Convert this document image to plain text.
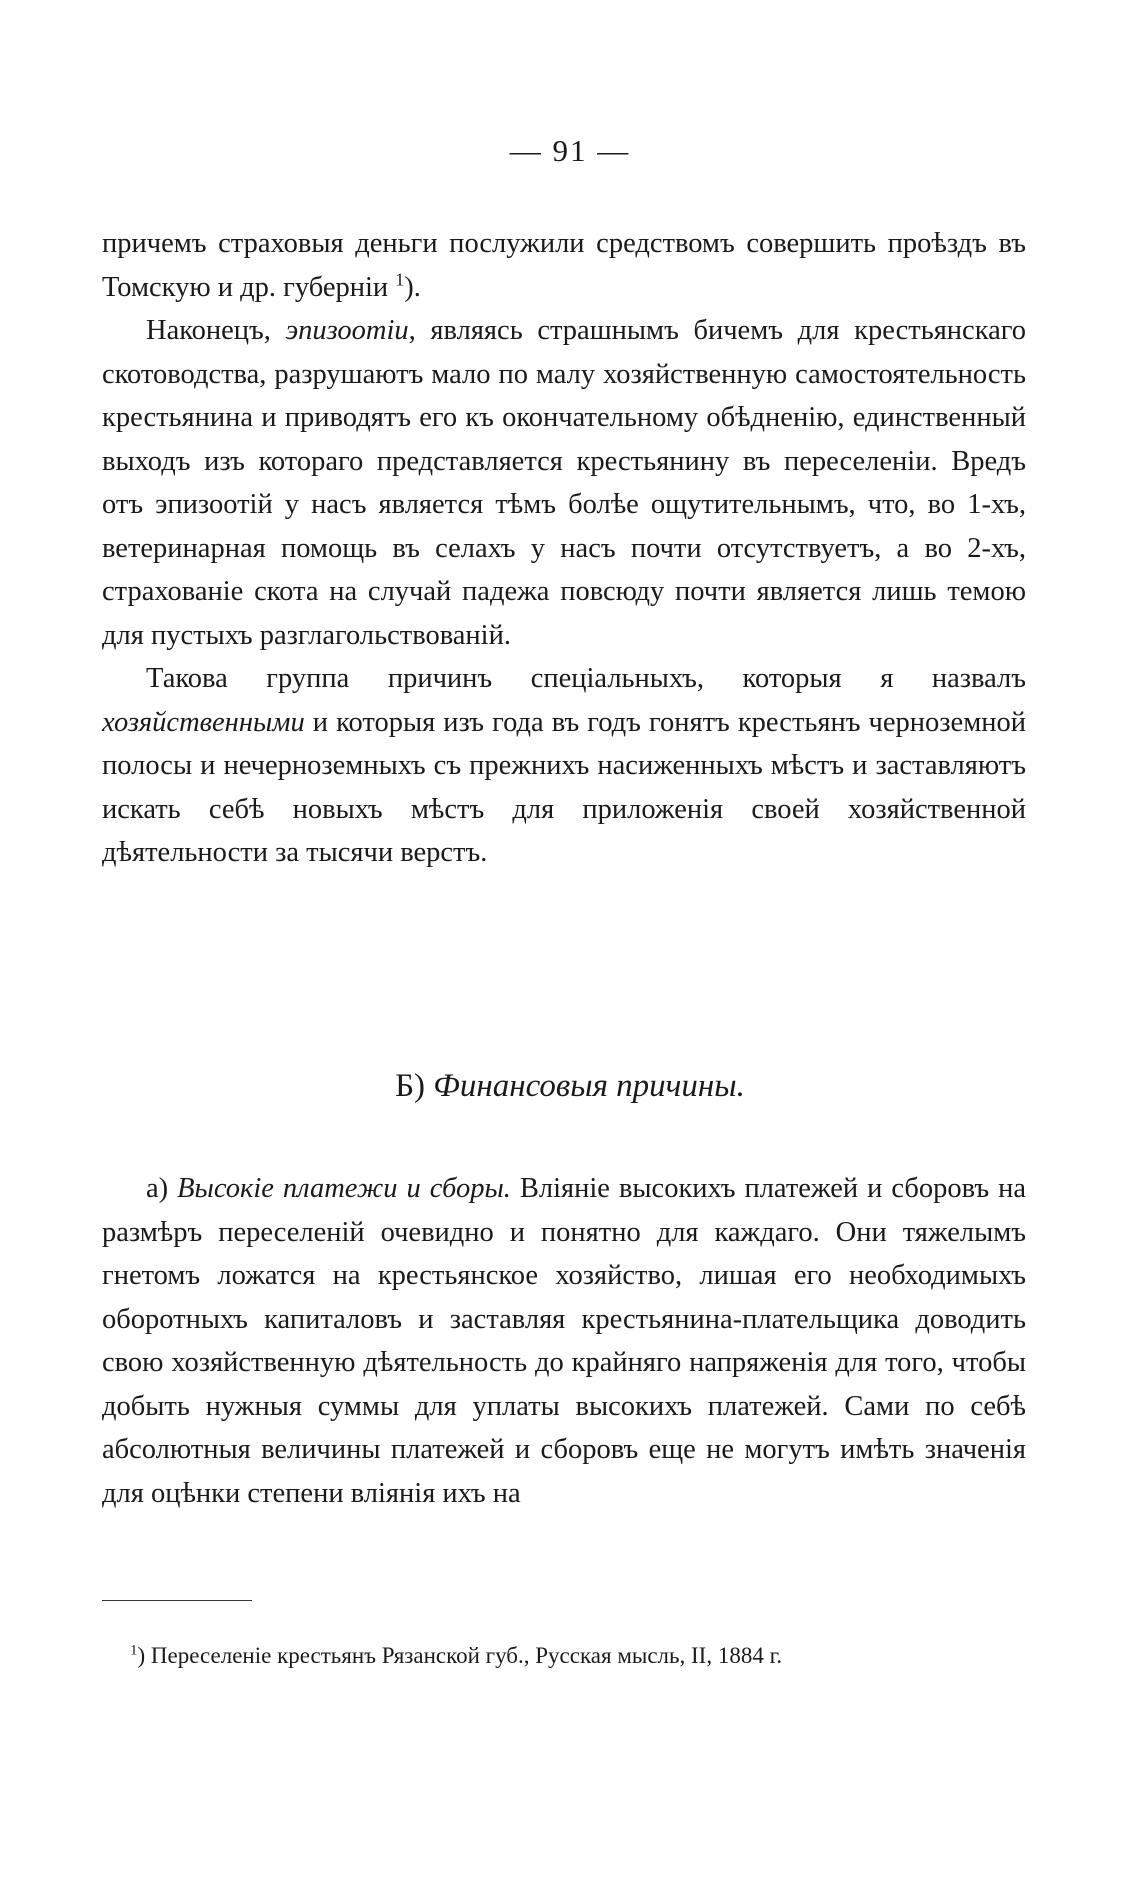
— 91 —

причемъ страховыя деньги послужили средствомъ совершить проѣздъ въ Томскую и др. губерніи $^1$).

Наконецъ, эпизоотіи, являясь страшнымъ бичемъ для крестьянскаго скотоводства, разрушаютъ мало по малу хозяйственную самостоятельность крестьянина и приводятъ его къ окончательному обѣдненію, единственный выходъ изъ котораго представляется крестьянину въ переселеніи. Вредъ отъ эпизоотій у насъ является тѣмъ болѣе ощутительнымъ, что, во 1-хъ, ветеринарная помощь въ селахъ у насъ почти отсутствуетъ, а во 2-хъ, страхованіе скота на случай падежа повсюду почти является лишь темою для пустыхъ разглагольствованій.

Такова группа причинъ спеціальныхъ, которыя я назвалъ хозяйственными и которыя изъ года въ годъ гонятъ крестьянъ черноземной полосы и нечерноземныхъ съ прежнихъ насиженныхъ мѣстъ и заставляютъ искать себѣ новыхъ мѣстъ для приложенія своей хозяйственной дѣятельности за тысячи верстъ.

Б) Финансовыя причины.

а) Высокіе платежи и сборы. Вліяніе высокихъ платежей и сборовъ на размѣръ переселеній очевидно и понятно для каждаго. Они тяжелымъ гнетомъ ложатся на крестьянское хозяйство, лишая его необходимыхъ оборотныхъ капиталовъ и заставляя крестьянина-плательщика доводить свою хозяйственную дѣятельность до крайняго напряженія для того, чтобы добыть нужныя суммы для уплаты высокихъ платежей. Сами по себѣ абсолютныя величины платежей и сборовъ еще не могутъ имѣть значенія для оцѣнки степени вліянія ихъ на

$^1$) Переселеніе крестьянъ Рязанской губ., Русская мысль, II, 1884 г.
